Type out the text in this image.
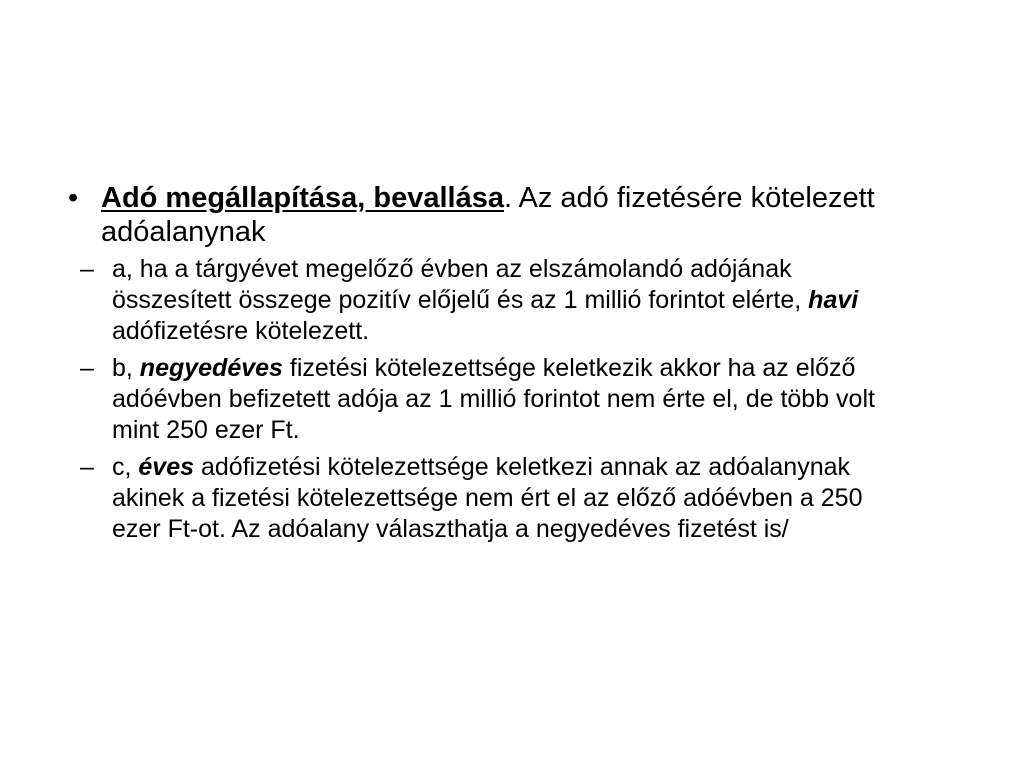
• Adó megállapítása, bevallása. Az adó fizetésére kötelezett adóalanynak
– a, ha a tárgyévet megelőző évben az elszámolandó adójának összesített összege pozitív előjelű és az 1 millió forintot elérte, havi adófizetésre kötelezett.
– b, negyedéves fizetési kötelezettsége keletkezik akkor ha az előző adóévben befizetett adója az 1 millió forintot nem érte el, de több volt mint 250 ezer Ft.
– c, éves adófizetési kötelezettsége keletkezi annak az adóalanynak akinek a fizetési kötelezettsége nem ért el az előző adóévben a 250 ezer Ft-ot. Az adóalany választhatja a negyedéves fizetést is/
